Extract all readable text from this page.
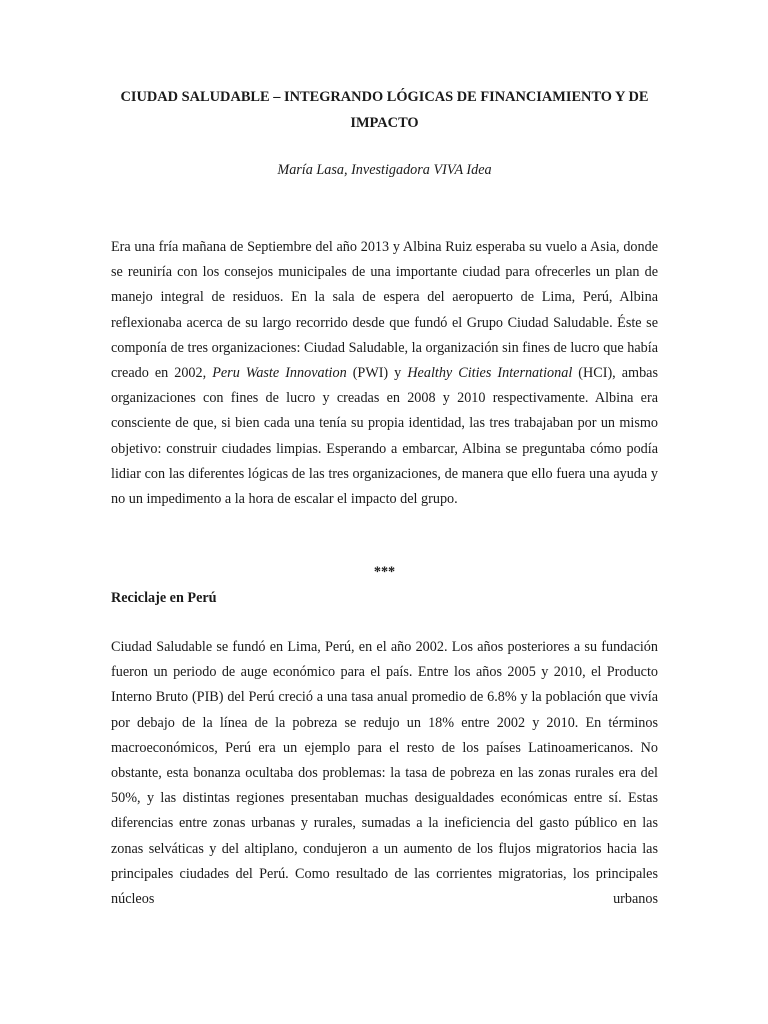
CIUDAD SALUDABLE – INTEGRANDO LÓGICAS DE FINANCIAMIENTO Y DE IMPACTO

María Lasa, Investigadora VIVA Idea

Era una fría mañana de Septiembre del año 2013 y Albina Ruiz esperaba su vuelo a Asia, donde se reuniría con los consejos municipales de una importante ciudad para ofrecerles un plan de manejo integral de residuos. En la sala de espera del aeropuerto de Lima, Perú, Albina reflexionaba acerca de su largo recorrido desde que fundó el Grupo Ciudad Saludable. Éste se componía de tres organizaciones: Ciudad Saludable, la organización sin fines de lucro que había creado en 2002, Peru Waste Innovation (PWI) y Healthy Cities International (HCI), ambas organizaciones con fines de lucro y creadas en 2008 y 2010 respectivamente. Albina era consciente de que, si bien cada una tenía su propia identidad, las tres trabajaban por un mismo objetivo: construir ciudades limpias. Esperando a embarcar, Albina se preguntaba cómo podía lidiar con las diferentes lógicas de las tres organizaciones, de manera que ello fuera una ayuda y no un impedimento a la hora de escalar el impacto del grupo.

***

Reciclaje en Perú

Ciudad Saludable se fundó en Lima, Perú, en el año 2002. Los años posteriores a su fundación fueron un periodo de auge económico para el país. Entre los años 2005 y 2010, el Producto Interno Bruto (PIB) del Perú creció a una tasa anual promedio de 6.8% y la población que vivía por debajo de la línea de la pobreza se redujo un 18% entre 2002 y 2010. En términos macroeconómicos, Perú era un ejemplo para el resto de los países Latinoamericanos. No obstante, esta bonanza ocultaba dos problemas: la tasa de pobreza en las zonas rurales era del 50%, y las distintas regiones presentaban muchas desigualdades económicas entre sí. Estas diferencias entre zonas urbanas y rurales, sumadas a la ineficiencia del gasto público en las zonas selváticas y del altiplano, condujeron a un aumento de los flujos migratorios hacia las principales ciudades del Perú. Como resultado de las corrientes migratorias, los principales núcleos urbanos
